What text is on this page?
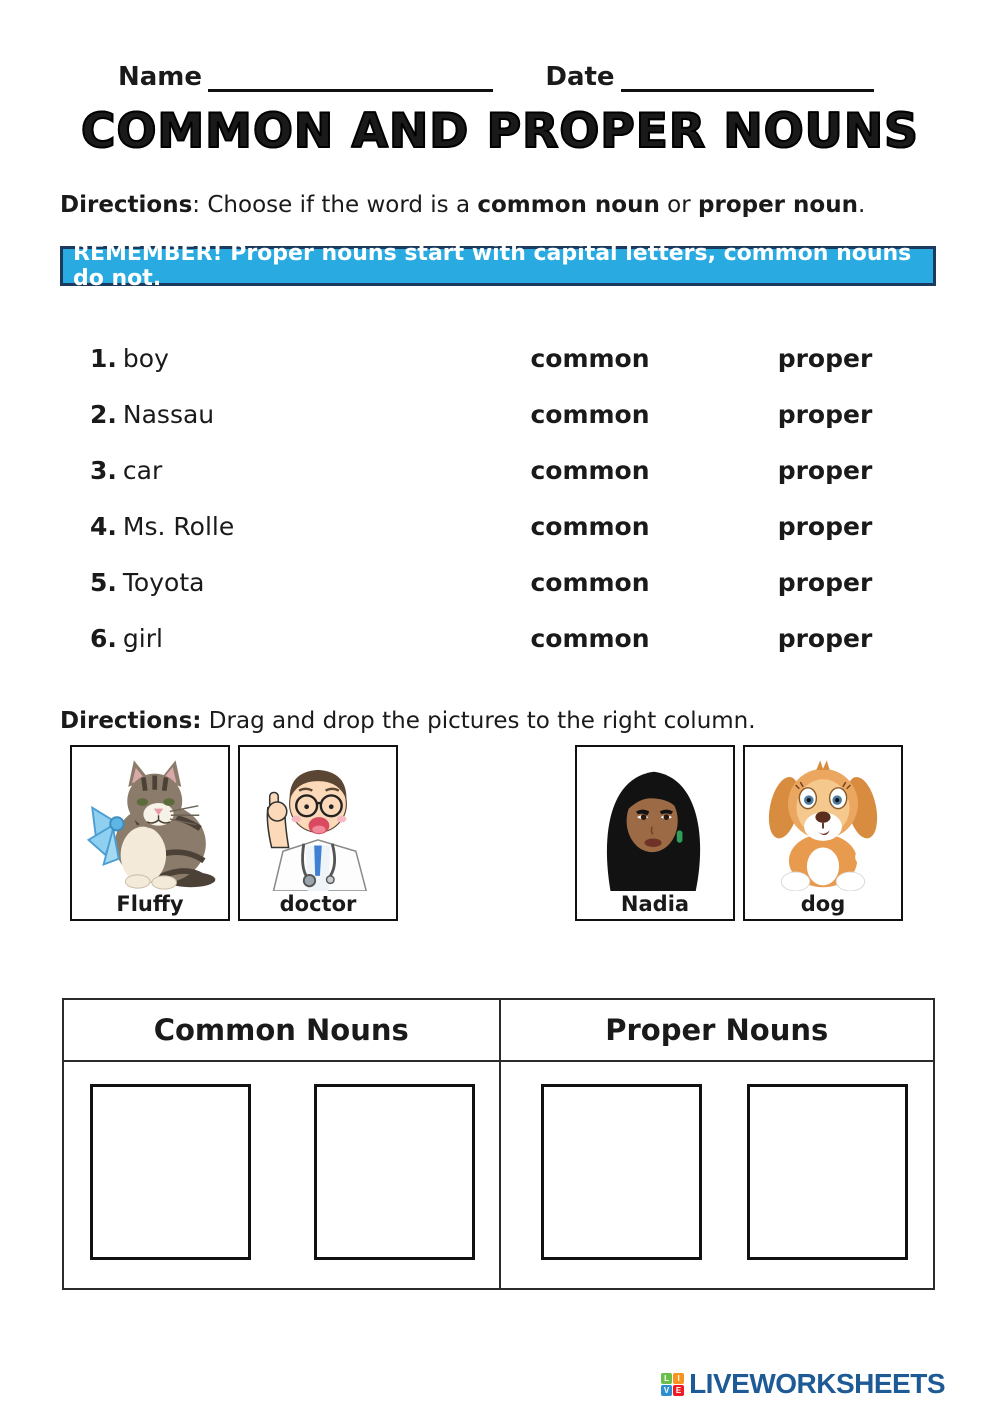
Name	Date
COMMON AND PROPER NOUNS
Directions: Choose if the word is a common noun or proper noun.
REMEMBER! Proper nouns start with capital letters, common nouns do not.
1. boy	common	proper
2. Nassau	common	proper
3. car	common	proper
4. Ms. Rolle	common	proper
5. Toyota	common	proper
6. girl	common	proper
Directions: Drag and drop the pictures to the right column.
Fluffy	doctor	Nadia	dog
Common Nouns	Proper Nouns
L	I
V E LIVEWORKSHEETS
